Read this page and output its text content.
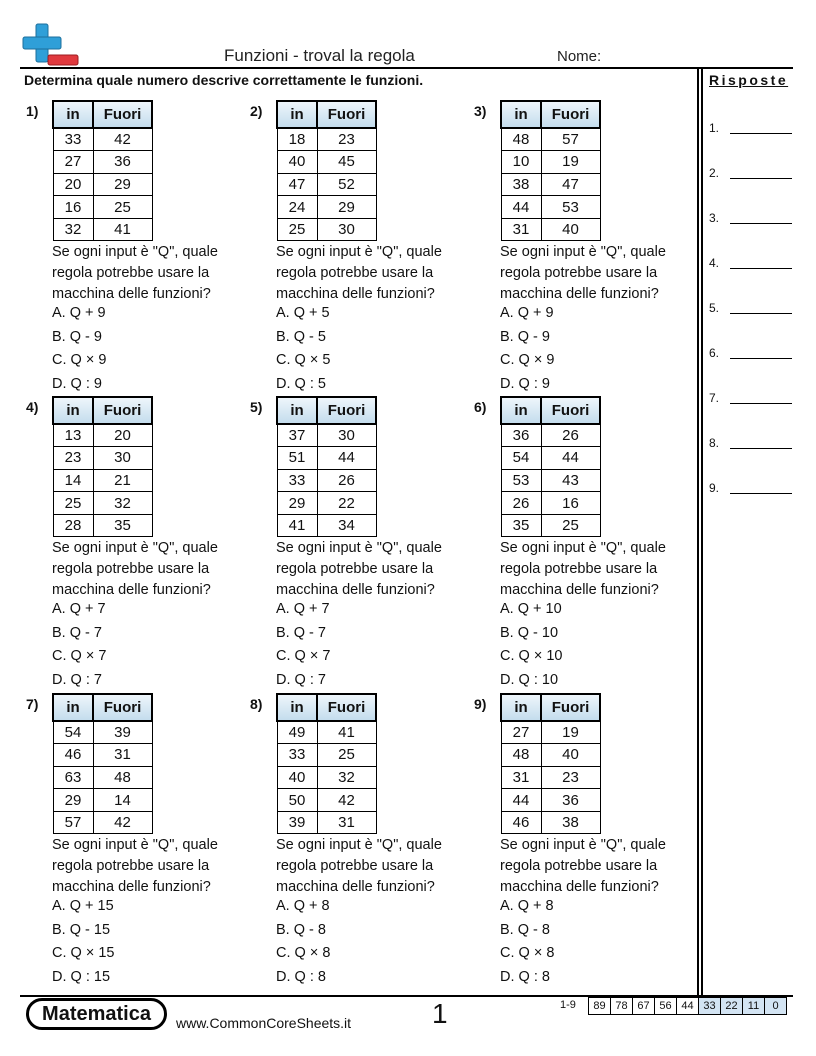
Funzioni - troval la regola	Nome:
Determina quale numero descrive correttamente le funzioni.	Risposte
1.
2.
3.
4.
5.
6.
7.
8.
9.
1) in	Fuori
33	42
27	36
20	29
16	25
32	41
Se ogni input è "Q", quale regola potrebbe usare la macchina delle funzioni?
A. Q + 9
B. Q - 9
C. Q × 9
D. Q : 9
2) in	Fuori
18	23
40	45
47	52
24	29
25	30
Se ogni input è "Q", quale regola potrebbe usare la macchina delle funzioni?
A. Q + 5
B. Q - 5
C. Q × 5
D. Q : 5
3) in	Fuori
48	57
10	19
38	47
44	53
31	40
Se ogni input è "Q", quale regola potrebbe usare la macchina delle funzioni?
A. Q + 9
B. Q - 9
C. Q × 9
D. Q : 9
4) in	Fuori
13	20
23	30
14	21
25	32
28	35
Se ogni input è "Q", quale regola potrebbe usare la macchina delle funzioni?
A. Q + 7
B. Q - 7
C. Q × 7
D. Q : 7
5) in	Fuori
37	30
51	44
33	26
29	22
41	34
Se ogni input è "Q", quale regola potrebbe usare la macchina delle funzioni?
A. Q + 7
B. Q - 7
C. Q × 7
D. Q : 7
6) in	Fuori
36	26
54	44
53	43
26	16
35	25
Se ogni input è "Q", quale regola potrebbe usare la macchina delle funzioni?
A. Q + 10
B. Q - 10
C. Q × 10
D. Q : 10
7) in	Fuori
54	39
46	31
63	48
29	14
57	42
Se ogni input è "Q", quale regola potrebbe usare la macchina delle funzioni?
A. Q + 15
B. Q - 15
C. Q × 15
D. Q : 15
8) in	Fuori
49	41
33	25
40	32
50	42
39	31
Se ogni input è "Q", quale regola potrebbe usare la macchina delle funzioni?
A. Q + 8
B. Q - 8
C. Q × 8
D. Q : 8
9) in	Fuori
27	19
48	40
31	23
44	36
46	38
Se ogni input è "Q", quale regola potrebbe usare la macchina delle funzioni?
A. Q + 8
B. Q - 8
C. Q × 8
D. Q : 8
Matematica	www.CommonCoreSheets.it	1	1-9 89	78	67	56	44	33	22	11	0
